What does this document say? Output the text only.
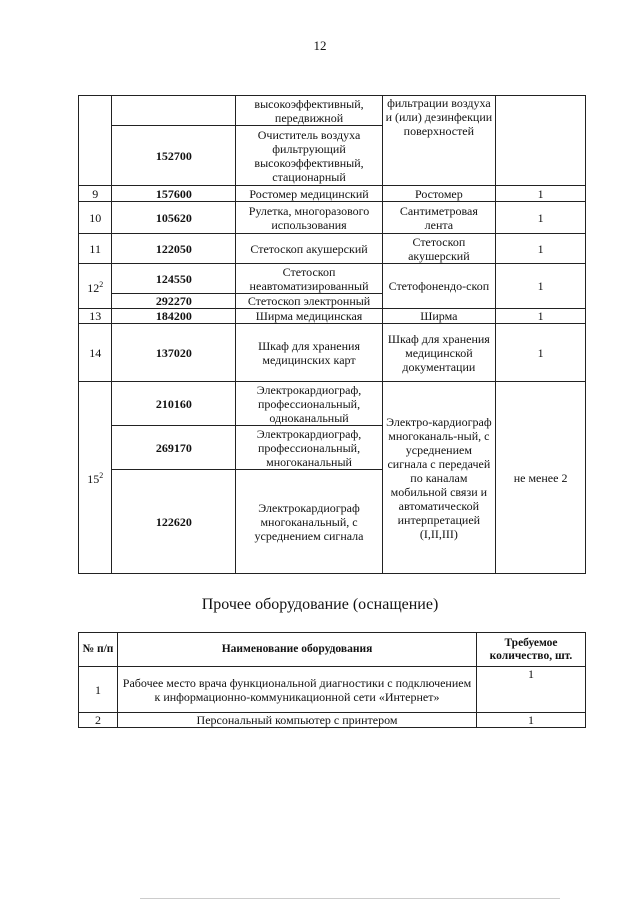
12
		высокоэффективный, передвижной	фильтрации воздуха и (или) дезинфекции поверхностей	
	152700	Очиститель воздуха фильтрующий высокоэффективный, стационарный		
9	157600	Ростомер медицинский	Ростомер	1
10	105620	Рулетка, многоразового использования	Сантиметровая лента	1
11	122050	Стетоскоп акушерский	Стетоскоп акушерский	1
$12^2$	124550	Стетоскоп неавтоматизированный	Стетофонендо-скоп	1
	292270	Стетоскоп электронный		
13	184200	Ширма медицинская	Ширма	1
14	137020	Шкаф для хранения медицинских карт	Шкаф для хранения медицинской документации	1
$15^2$	210160	Электрокардиограф, профессиональный, одноканальный	Электро-кардиограф многоканаль-ный, с усреднением сигнала с передачей по каналам мобильной связи и автоматической интерпретацией (I,II,III)	не менее 2
	269170	Электрокардиограф, профессиональный, многоканальный		
	122620	Электрокардиограф многоканальный, с усреднением сигнала		
Прочее оборудование (оснащение)
№ п/п	Наименование оборудования	Требуемое количество, шт.
1	Рабочее место врача функциональной диагностики с подключением к информационно-коммуникационной сети «Интернет»	1
2	Персональный компьютер с принтером	1
